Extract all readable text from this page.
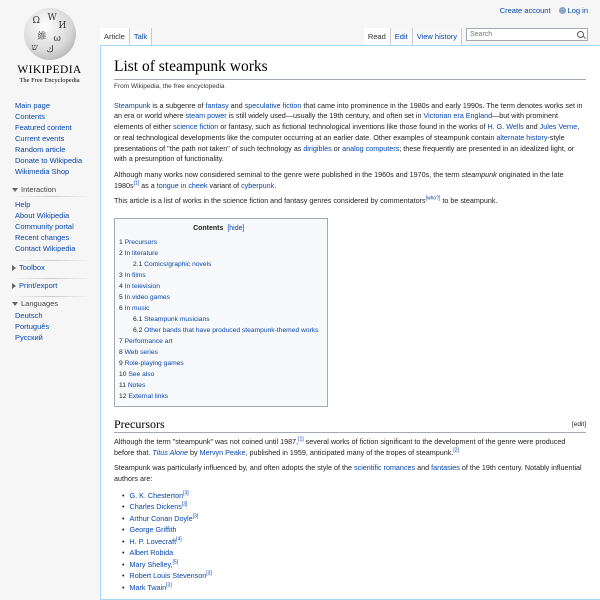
Create account	Log in
Ω W
И
維 ω
ש ك
WIKIPEDIA
The Free Encyclopedia
Main page
Contents
Featured content
Current events
Random article
Donate to Wikipedia
Wikimedia Shop
Interaction
Help
About Wikipedia
Community portal
Recent changes
Contact Wikipedia
Toolbox
Print/export
Languages
Deutsch
Português
Русский
Article	Talk	Read	Edit	View history	Search
List of steampunk works
From Wikipedia, the free encyclopedia

Steampunk is a subgenre of fantasy and speculative fiction that came into prominence in the 1980s and early 1990s. The term denotes works set in an era or world where steam power is still widely used—usually the 19th century, and often set in Victorian era England—but with prominent elements of either science fiction or fantasy, such as fictional technological inventions like those found in the works of H. G. Wells and Jules Verne, or real technological developments like the computer occurring at an earlier date. Other examples of steampunk contain alternate history-style presentations of "the path not taken" of such technology as dirigibles or analog computers; these frequently are presented in an idealized light, or with a presumption of functionality.

Although many works now considered seminal to the genre were published in the 1960s and 1970s, the term steampunk originated in the late 1980s[1] as a tongue in cheek variant of cyberpunk.

This article is a list of works in the science fiction and fantasy genres considered by commentators[who?] to be steampunk.

Contents [hide]
1 Precursors
2 In literature
2.1 Comics/graphic novels
3 In films
4 In television
5 In video games
6 In music
6.1 Steampunk musicians
6.2 Other bands that have produced steampunk-themed works
7 Performance art
8 Web series
9 Role-playing games
10 See also
11 Notes
12 External links
Precursors	[edit]

Although the term "steampunk" was not coined until 1987,[1] several works of fiction significant to the development of the genre were produced before that. Titus Alone by Mervyn Peake, published in 1959, anticipated many of the tropes of steampunk.[2]

Steampunk was particularly influenced by, and often adopts the style of the scientific romances and fantasies of the 19th century. Notably influential authors are:

• G. K. Chesterton[3]
• Charles Dickens[3]
• Arthur Conan Doyle[3]
• George Griffith
• H. P. Lovecraft[4]
• Albert Robida
• Mary Shelley,[5]
• Robert Louis Stevenson[3]
• Mark Twain[3]
